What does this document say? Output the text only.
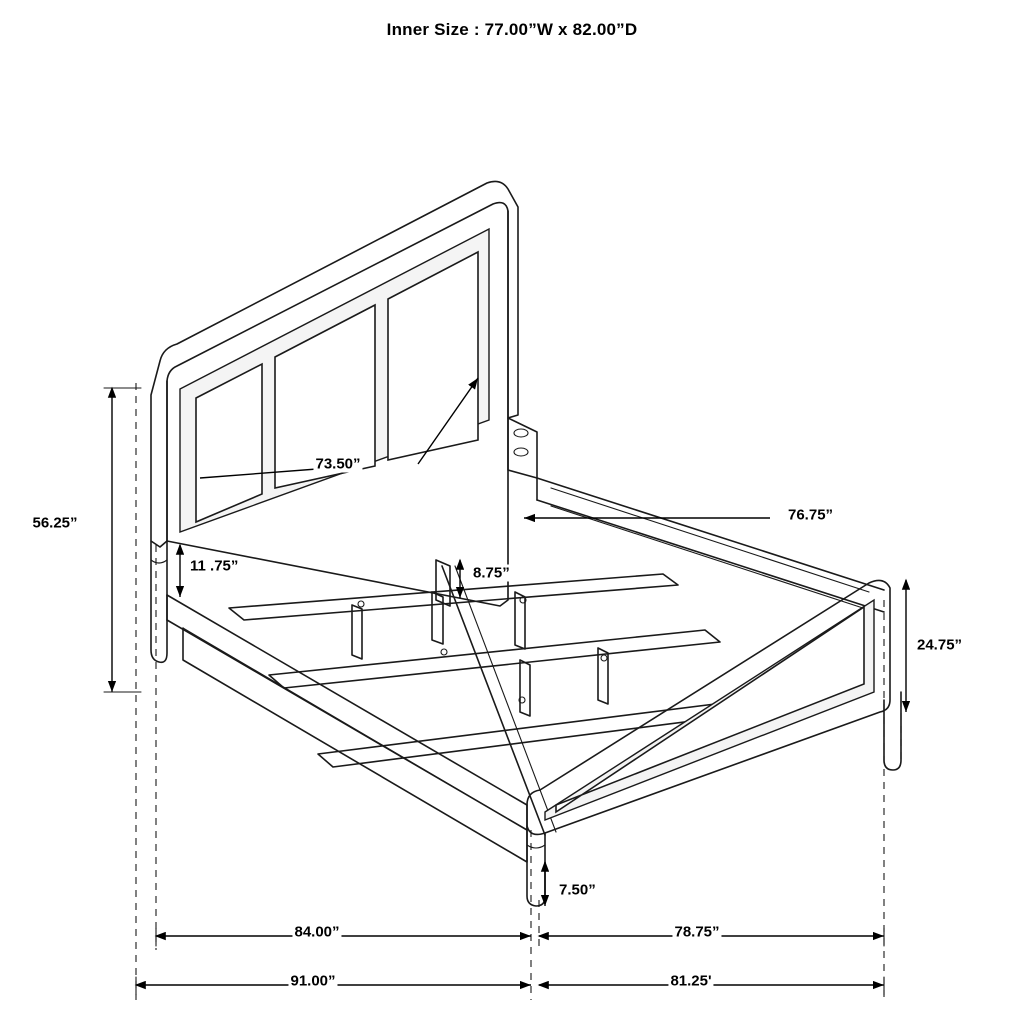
Inner Size : 77.00”W x 82.00”D
56.25”
73.50”
11 .75”	8.75”
76.75”
24.75”
7.50”
84.00”	78.75”
91.00”	81.25'
